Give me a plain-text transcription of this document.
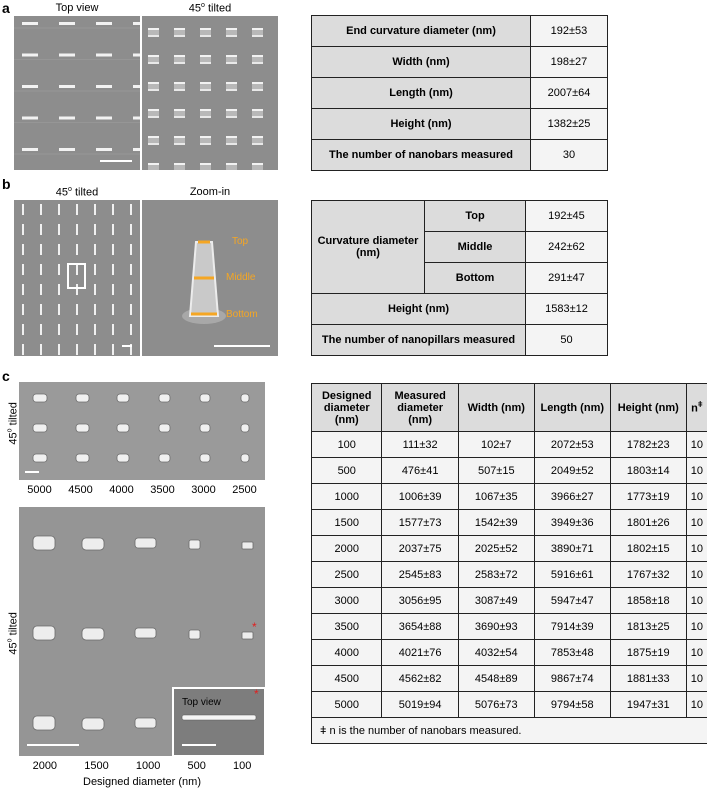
a	Top view	45$^o$ tilted
End curvature diameter (nm)	192±53
Width (nm)	198±27
Length (nm)	2007±64
Height (nm)	1382±25
The number of nanobars measured	30
b
45$^o$ tilted	Zoom-in
Top
Middle
Bottom
Curvature diameter (nm)	Top	192±45
	Middle	242±62
	Bottom	291±47
Height (nm)		1583±12
The number of nanopillars measured		50
c
45$^o$ tilted
45$^o$ tilted
5000 4500 4000 3500 3000 2500
*
Top view
*
2000 1500 1000 500 100
Designed diameter (nm)
Designed diameter (nm)	Measured diameter (nm)	Width (nm)	Length (nm)	Height (nm)	$n^ǂ$
100	111±32	102±7	2072±53	1782±23	10
500	476±41	507±15	2049±52	1803±14	10
1000	1006±39	1067±35	3966±27	1773±19	10
1500	1577±73	1542±39	3949±36	1801±26	10
2000	2037±75	2025±52	3890±71	1802±15	10
2500	2545±83	2583±72	5916±61	1767±32	10
3000	3056±95	3087±49	5947±47	1858±18	10
3500	3654±88	3690±93	7914±39	1813±25	10
4000	4021±76	4032±54	7853±48	1875±19	10
4500	4562±82	4548±89	9867±74	1881±33	10
5000	5019±94	5076±73	9794±58	1947±31	10
ǂ n is the number of nanobars measured.					
